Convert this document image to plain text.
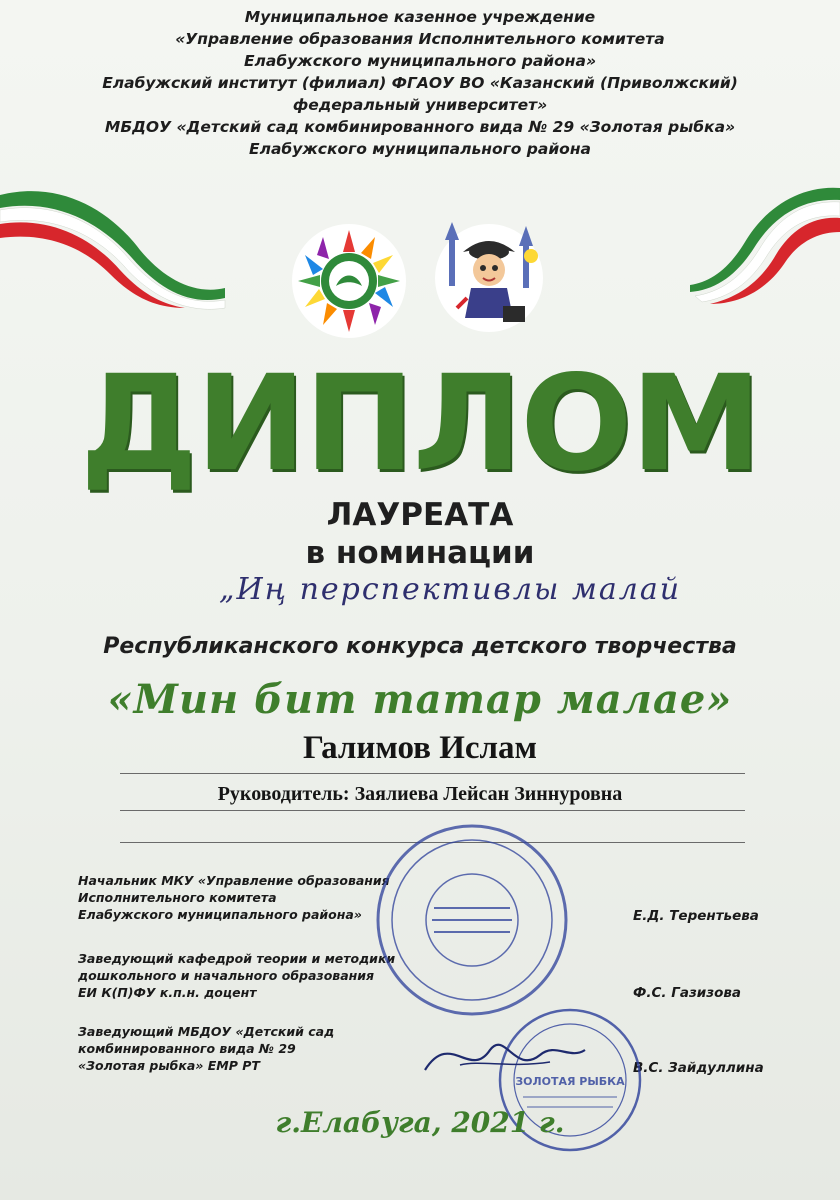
Муниципальное казенное учреждение
«Управление образования Исполнительного комитета
Елабужского муниципального района»
Елабужский институт (филиал) ФГАОУ ВО «Казанский (Приволжский)
федеральный университет»
МБДОУ «Детский сад комбинированного вида № 29 «Золотая рыбка»
Елабужского муниципального района
ДИПЛОМ
ЛАУРЕАТА
в номинации
„Иң перспективлы малай
Республиканского конкурса детского творчества
«Мин бит татар малае»
Галимов Ислам
Руководитель: Заялиева Лейсан Зиннуровна
Начальник МКУ «Управление образования
Исполнительного комитета
Елабужского муниципального района»	Е.Д. Терентьева
Заведующий кафедрой теории и методики
дошкольного и начального образования
ЕИ К(П)ФУ к.п.н. доцент	Ф.С. Газизова
Заведующий МБДОУ «Детский сад
комбинированного вида № 29
«Золотая рыбка» ЕМР РТ	В.С. Зайдуллина
ЗОЛОТАЯ РЫБКА
г.Елабуга, 2021 г.
